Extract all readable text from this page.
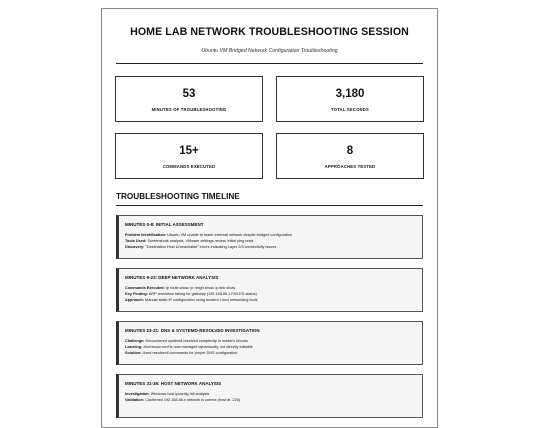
HOME LAB NETWORK TROUBLESHOOTING SESSION
Ubuntu VM Bridged Network Configuration Troubleshooting
53
MINUTES OF TROUBLESHOOTING
3,180
TOTAL SECONDS
15+
COMMANDS EXECUTED
8
APPROACHES TESTED
TROUBLESHOOTING TIMELINE
MINUTES 0-8: INITIAL ASSESSMENT
Problem Identification: Ubuntu VM unable to reach external network despite bridged configuration
Tools Used: Screenshots analysis, VMware settings review, initial ping tests
Discovery: "Destination Host Unreachable" errors indicating Layer 2/3 connectivity issues
MINUTES 9-23: DEEP NETWORK ANALYSIS
Commands Executed: ip route show, ip neigh show, ip link show
Key Finding: ARP resolution failing for gateway (192.168.88.1 FAILED status)
Approach: Manual static IP configuration using modern Linux networking tools
MINUTES 23-31: DNS & SYSTEMD-RESOLVED INVESTIGATION
Challenge: Encountered systemd-resolved complexity in modern Ubuntu
Learning: /etc/resolv.conf is now managed dynamically, not directly editable
Solution: Used resolvectl commands for proper DNS configuration
MINUTES 31-36: HOST NETWORK ANALYSIS
Investigation: Windows host ipconfig /all analysis
Validation: Confirmed 192.168.88.x network is correct (host at .226)
